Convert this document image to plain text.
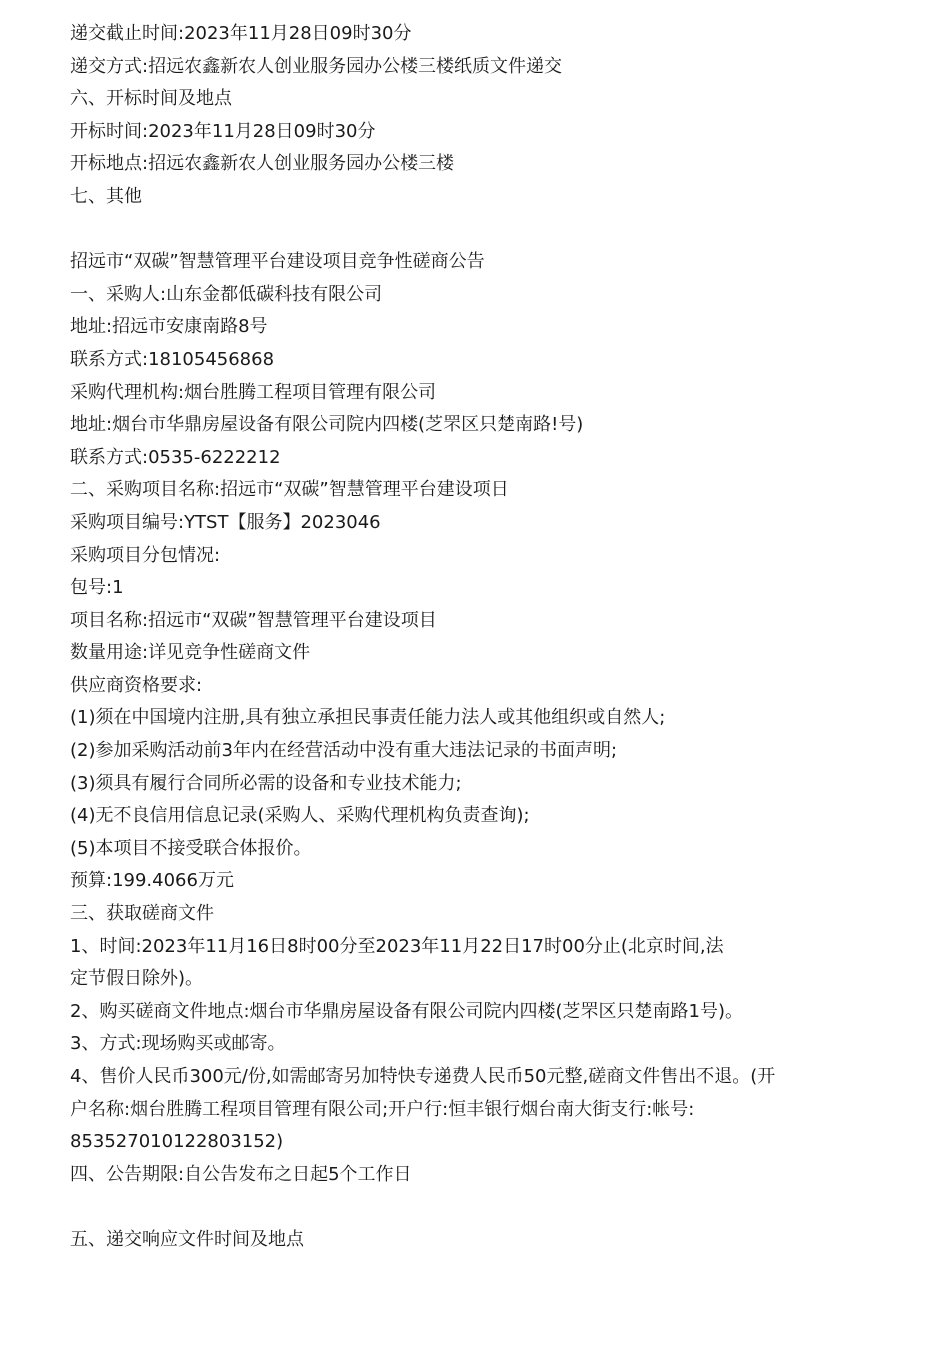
递交截止时间:2023年11月28日09时30分
递交方式:招远农鑫新农人创业服务园办公楼三楼纸质文件递交
六、开标时间及地点
开标时间:2023年11月28日09时30分
开标地点:招远农鑫新农人创业服务园办公楼三楼
七、其他
招远市“双碳”智慧管理平台建设项目竞争性磋商公告
一、采购人:山东金都低碳科技有限公司
地址:招远市安康南路8号
联系方式:18105456868
采购代理机构:烟台胜腾工程项目管理有限公司
地址:烟台市华鼎房屋设备有限公司院内四楼(芝罘区只楚南路!号)
联系方式:0535-6222212
二、采购项目名称:招远市“双碳”智慧管理平台建设项日
采购项目编号:YTST【服务】2023046
采购项目分包情况:
包号:1
项目名称:招远市“双碳”智慧管理平台建设项目
数量用途:详见竞争性磋商文件
供应商资格要求:
(1)须在中国境内注册,具有独立承担民事责任能力法人或其他组织或自然人;
(2)参加采购活动前3年内在经营活动中没有重大违法记录的书面声明;
(3)须具有履行合同所必需的设备和专业技术能力;
(4)无不良信用信息记录(采购人、采购代理机构负责查询);
(5)本项目不接受联合体报价。
预算:199.4066万元
三、获取磋商文件
1、时间:2023年11月16日8时00分至2023年11月22日17时00分止(北京时间,法
定节假日除外)。
2、购买磋商文件地点:烟台市华鼎房屋设备有限公司院内四楼(芝罘区只楚南路1号)。
3、方式:现场购买或邮寄。
4、售价人民币300元/份,如需邮寄另加特快专递费人民币50元整,磋商文件售出不退。(开
户名称:烟台胜腾工程项目管理有限公司;开户行:恒丰银行烟台南大街支行:帐号:
853527010122803152)
四、公告期限:自公告发布之日起5个工作日
五、递交响应文件时间及地点
